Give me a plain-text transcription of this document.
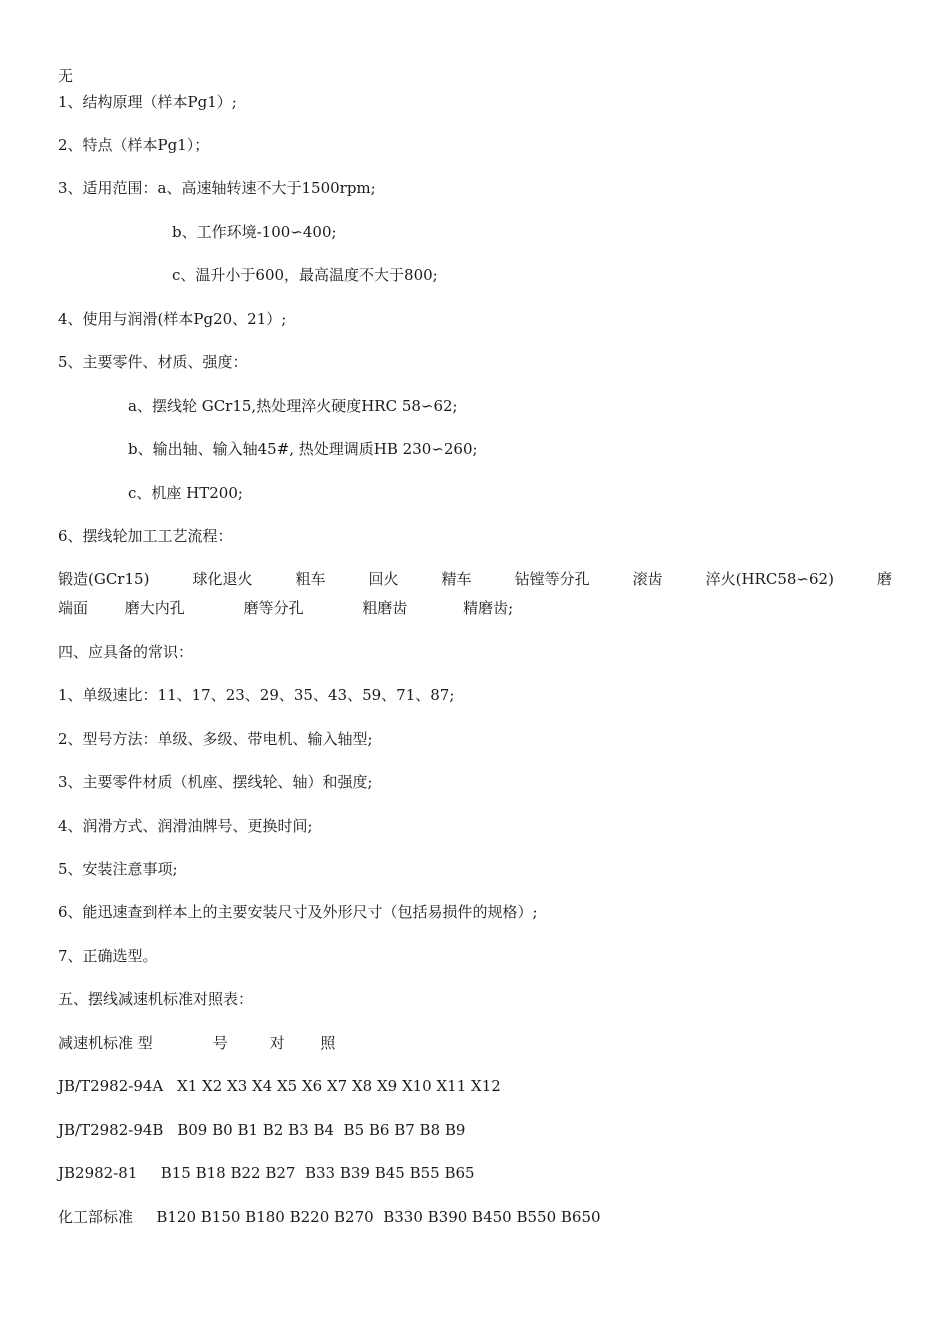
无
1、结构原理（样本Pg1）;
2、特点（样本Pg1）；
3、适用范围：a、高速轴转速不大于1500rpm;
b、工作环境-100∽400;
c、温升小于600，最高温度不大于800;
4、使用与润滑(样本Pg20、21）;
5、主要零件、材质、强度：
a、摆线轮 GCr15,热处理淬火硬度HRC 58∽62;
b、输出轴、输入轴45#, 热处理调质HB 230∽260;
c、机座 HT200;
6、摆线轮加工工艺流程：
锻造(GCr15)	球化退火	粗车	回火	精车	钻镗等分孔	滚齿	淬火(HRC58∽62)	磨
端面 磨大内孔	磨等分孔	粗磨齿	精磨齿;
四、应具备的常识：
1、单级速比：11、17、23、29、35、43、59、71、87;
2、型号方法：单级、多级、带电机、输入轴型;
3、主要零件材质（机座、摆线轮、轴）和强度;
4、润滑方式、润滑油牌号、更换时间;
5、安装注意事项;
6、能迅速查到样本上的主要安装尺寸及外形尺寸（包括易损件的规格）;
7、正确选型。
五、摆线减速机标准对照表：
减速机标准 型	号	对 照
JB/T2982-94A X1 X2 X3 X4 X5 X6 X7 X8 X9 X10 X11 X12
JB/T2982-94B B09 B0 B1 B2 B3 B4  B5 B6 B7 B8 B9
JB2982-81   B15 B18 B22 B27  B33 B39 B45 B55 B65
化工部标准   B120 B150 B180 B220 B270  B330 B390 B450 B550 B650
